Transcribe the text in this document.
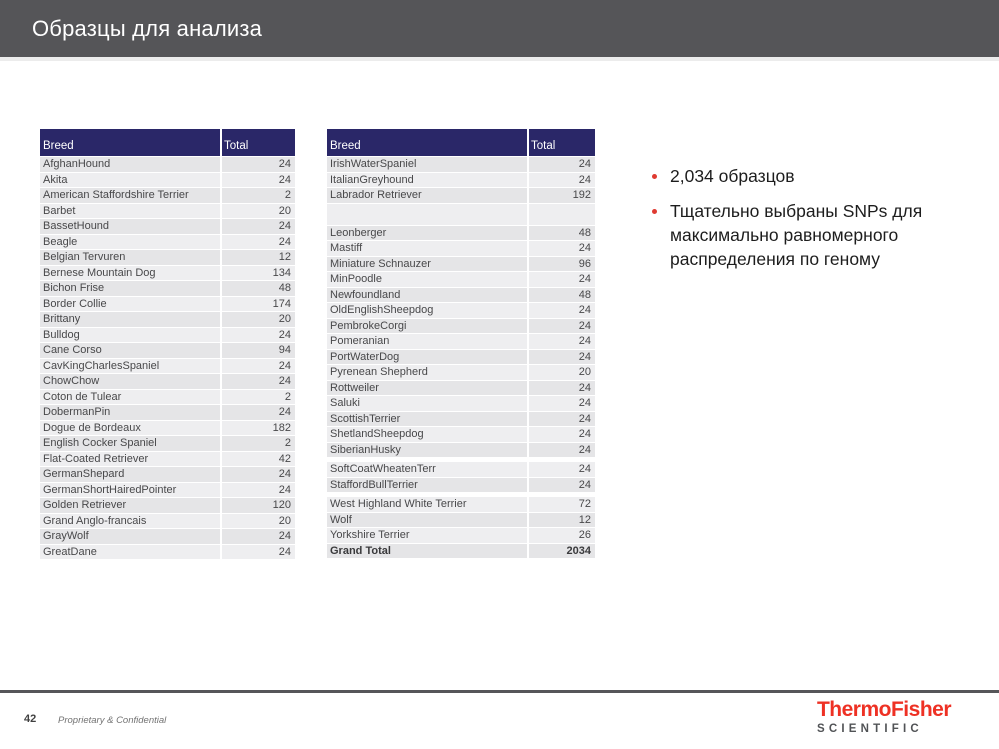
Образцы для анализа
Breed	Total
AfghanHound	24
Akita	24
American Staffordshire Terrier	2
Barbet	20
BassetHound	24
Beagle	24
Belgian Tervuren	12
Bernese Mountain Dog	134
Bichon Frise	48
Border Collie	174
Brittany	20
Bulldog	24
Cane Corso	94
CavKingCharlesSpaniel	24
ChowChow	24
Coton de Tulear	2
DobermanPin	24
Dogue de Bordeaux	182
English Cocker Spaniel	2
Flat-Coated Retriever	42
GermanShepard	24
GermanShortHairedPointer	24
Golden Retriever	120
Grand Anglo-francais	20
GrayWolf	24
GreatDane	24
Breed	Total
IrishWaterSpaniel	24
ItalianGreyhound	24
Labrador Retriever	192
Leonberger	48
Mastiff	24
Miniature Schnauzer	96
MinPoodle	24
Newfoundland	48
OldEnglishSheepdog	24
PembrokeCorgi	24
Pomeranian	24
PortWaterDog	24
Pyrenean Shepherd	20
Rottweiler	24
Saluki	24
ScottishTerrier	24
ShetlandSheepdog	24
SiberianHusky	24
SoftCoatWheatenTerr	24
StaffordBullTerrier	24
West Highland White Terrier	72
Wolf	12
Yorkshire Terrier	26
Grand Total	2034
2,034 образцов
Тщательно выбраны SNPs для максимально равномерного распределения по геному
42 Proprietary & Confidential	ThermoFisher
SCIENTIFIC
